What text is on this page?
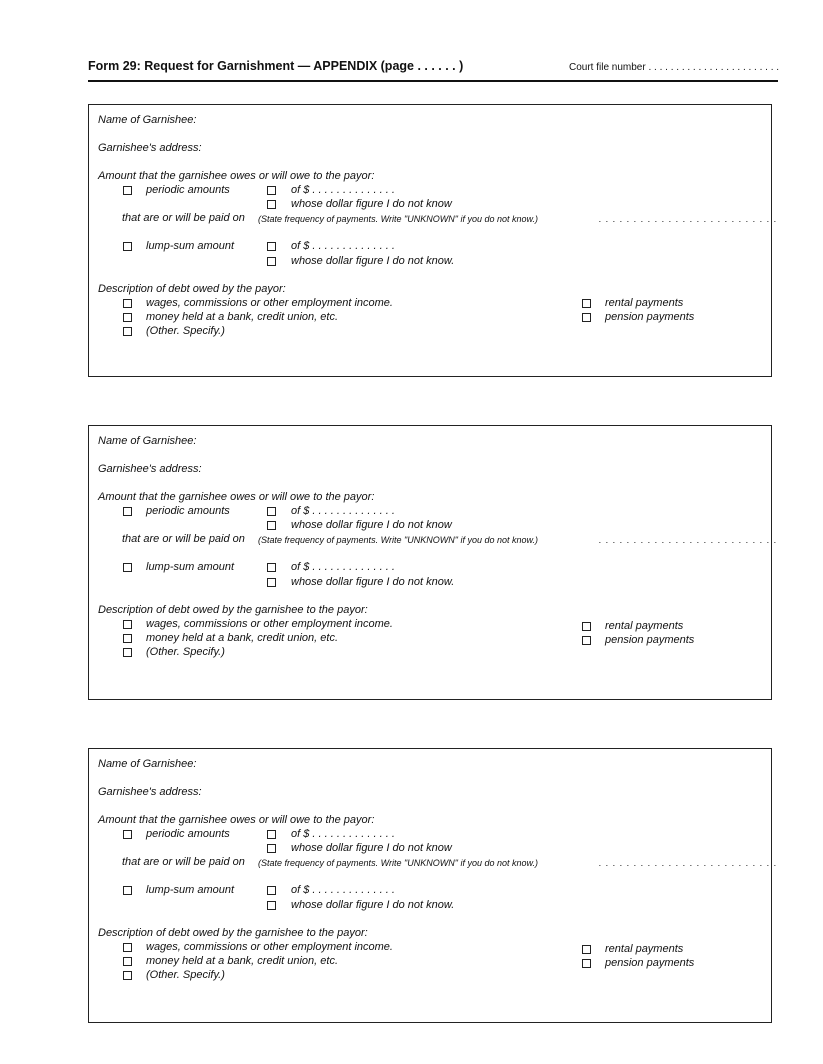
Form 29: Request for Garnishment — APPENDIX (page . . . . . . )	Court file number . . . . . . . . . . . . . . . . . . . . . . . .
Name of Garnishee:
Garnishee's address:
Amount that the garnishee owes or will owe to the payor:
periodic amounts	of $ . . . . . . . . . . . . . .
whose dollar figure I do not know
that are or will be paid on (State frequency of payments. Write "UNKNOWN" if you do not know.)	. . . . . . . . . . . . . . . . . . . . . . . . . .
lump-sum amount	of $ . . . . . . . . . . . . . .
whose dollar figure I do not know.
Description of debt owed by the payor:
wages, commissions or other employment income.
money held at a bank, credit union, etc.
(Other. Specify.)
rental payments
pension payments
Name of Garnishee:
Garnishee's address:
Amount that the garnishee owes or will owe to the payor:
periodic amounts	of $ . . . . . . . . . . . . . .
whose dollar figure I do not know
that are or will be paid on (State frequency of payments. Write "UNKNOWN" if you do not know.)	. . . . . . . . . . . . . . . . . . . . . . . . . .
lump-sum amount	of $ . . . . . . . . . . . . . .
whose dollar figure I do not know.
Description of debt owed by the garnishee to the payor:
wages, commissions or other employment income.
money held at a bank, credit union, etc.
(Other. Specify.)
rental payments
pension payments
Name of Garnishee:
Garnishee's address:
Amount that the garnishee owes or will owe to the payor:
periodic amounts	of $ . . . . . . . . . . . . . .
whose dollar figure I do not know
that are or will be paid on (State frequency of payments. Write "UNKNOWN" if you do not know.)	. . . . . . . . . . . . . . . . . . . . . . . . . .
lump-sum amount	of $ . . . . . . . . . . . . . .
whose dollar figure I do not know.
Description of debt owed by the garnishee to the payor:
wages, commissions or other employment income.
money held at a bank, credit union, etc.
(Other. Specify.)
rental payments
pension payments
